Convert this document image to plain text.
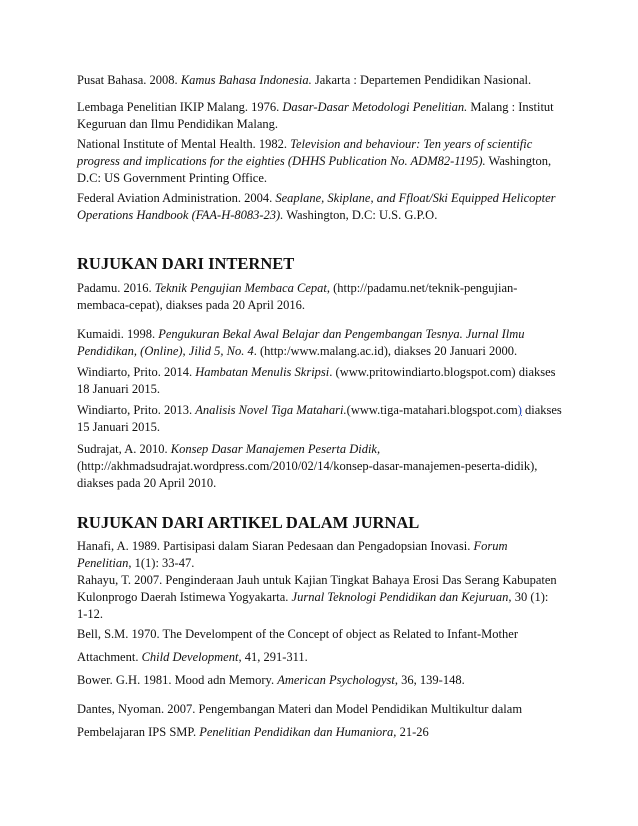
Pusat Bahasa. 2008. Kamus Bahasa Indonesia. Jakarta : Departemen Pendidikan Nasional.
Lembaga Penelitian IKIP Malang. 1976. Dasar-Dasar Metodologi Penelitian. Malang : Institut
Keguruan dan Ilmu Pendidikan Malang.
National Institute of Mental Health. 1982. Television and behaviour: Ten years of scientific
progress and implications for the eighties (DHHS Publication No. ADM82-1195). Washington,
D.C: US Government Printing Office.
Federal Aviation Administration. 2004. Seaplane, Skiplane, and Ffloat/Ski Equipped Helicopter
Operations Handbook (FAA-H-8083-23). Washington, D.C: U.S. G.P.O.
RUJUKAN DARI INTERNET
Padamu. 2016. Teknik Pengujian Membaca Cepat, (http://padamu.net/teknik-pengujian-
membaca-cepat), diakses pada 20 April 2016.
Kumaidi. 1998. Pengukuran Bekal Awal Belajar dan Pengembangan Tesnya. Jurnal Ilmu
Pendidikan, (Online), Jilid 5, No. 4. (http:/www.malang.ac.id), diakses 20 Januari 2000.
Windiarto, Prito. 2014. Hambatan Menulis Skripsi. (www.pritowindiarto.blogspot.com) diakses
18 Januari 2015.
Windiarto, Prito. 2013. Analisis Novel Tiga Matahari.(www.tiga-matahari.blogspot.com) diakses
15 Januari 2015.
Sudrajat, A. 2010. Konsep Dasar Manajemen Peserta Didik,
(http://akhmadsudrajat.wordpress.com/2010/02/14/konsep-dasar-manajemen-peserta-didik),
diakses pada 20 April 2010.
RUJUKAN DARI ARTIKEL DALAM JURNAL
Hanafi, A. 1989. Partisipasi dalam Siaran Pedesaan dan Pengadopsian Inovasi. Forum
Penelitian, 1(1): 33-47.
Rahayu, T. 2007. Penginderaan Jauh untuk Kajian Tingkat Bahaya Erosi Das Serang Kabupaten
Kulonprogo Daerah Istimewa Yogyakarta. Jurnal Teknologi Pendidikan dan Kejuruan, 30 (1):
1-12.
Bell, S.M. 1970. The Develompent of the Concept of object as Related to Infant-Mother
Attachment. Child Development, 41, 291-311.
Bower. G.H. 1981. Mood adn Memory. American Psychologyst, 36, 139-148.
Dantes, Nyoman. 2007. Pengembangan Materi dan Model Pendidikan Multikultur dalam
Pembelajaran IPS SMP. Penelitian Pendidikan dan Humaniora, 21-26
